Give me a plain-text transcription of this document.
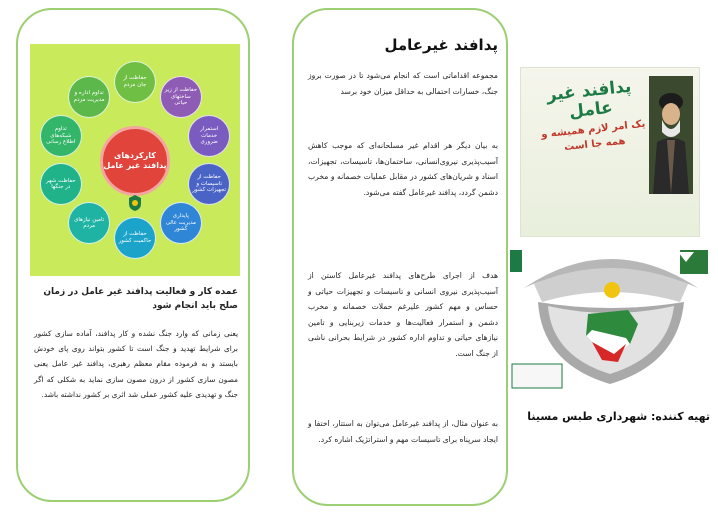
حفاظت از جان مردم
حفاظت از زیر ساختهای حیاتی
استمرار خدمات ضروری
حفاظت از تاسیسات و تجهیزات کشور
پایداری مدیریت عالی کشور
حفاظت از حاکمیت کشور
تامین نیازهای مردم
حفاظت شهر در جنگها
تداوم شبکه‌های اطلاع رسانی
تداوم اداره و مدیریت مردم
کارکردهای پدافند غیر عامل
عمده کار و فعالیت پدافند غیر عامل در زمان صلح باید انجام شود
یعنی زمانی که وارد جنگ نشده و کار پدافند، آماده سازی کشور برای شرایط تهدید و جنگ است تا کشور بتواند روی پای خودش بایستد و به فرموده مقام معظم رهبری، پدافند غیر عامل یعنی مصون سازی کشور از درون مصون سازی نماید به شکلی که اگر جنگ و تهدیدی علیه کشور عملی شد اثری بر کشور نداشته باشد.
پدافند غیرعامل
مجموعه اقداماتی است که انجام می‌شود تا در صورت بروز جنگ، خسارات احتمالی به حداقل میزان خود برسد
به بیان دیگر هر اقدام غیر مسلحانه‌ای که موجب کاهش آسیب‌پذیری نیروی‌انسانی، ساختمان‌ها، تاسیسات، تجهیزات، اسناد و شریان‌های کشور در مقابل عملیات خصمانه و مخرب دشمن گردد، پدافند غیرعامل گفته می‌شود.
هدف از اجرای طرح‌های پدافند غیرعامل کاستن از آسیب‌پذیری نیروی انسانی و تاسیسات و تجهیزات حیاتی و حساس و مهم کشور علیرغم حملات خصمانه و مخرب دشمن و استمرار فعالیت‌ها و خدمات زیربنایی و تامین نیازهای حیاتی و تداوم اداره کشور در شرایط بحرانی ناشی از جنگ است.
به عنوان مثال، از پدافند غیرعامل می‌توان به استتار، اختفا و ایجاد سرپناه برای تاسیسات مهم و استراتژیک اشاره کرد.
پدافند غیر عامل
یک امر لازم همیشه و همه جا است
تهیه کننده: شهرداری طبس مسینا
